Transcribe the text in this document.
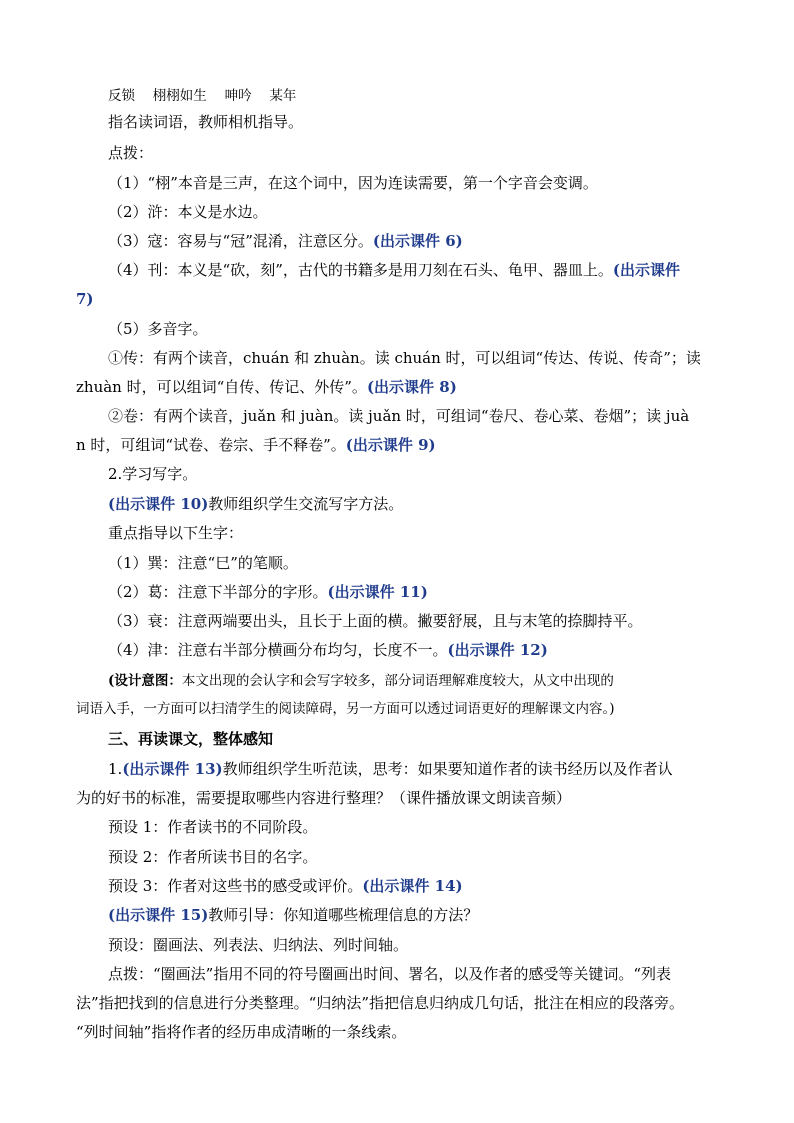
反锁　 栩栩如生　 呻吟　 某年
指名读词语，教师相机指导。
点拨：
（1）“栩”本音是三声，在这个词中，因为连读需要，第一个字音会变调。
（2）浒：本义是水边。
（3）寇：容易与“冠”混淆，注意区分。(出示课件 6)
（4）刊：本义是“砍，刻”，古代的书籍多是用刀刻在石头、龟甲、器皿上。(出示课件
7)
（5）多音字。
①传：有两个读音，chuán 和 zhuàn。读 chuán 时，可以组词“传达、传说、传奇”；读
zhuàn 时，可以组词“自传、传记、外传”。(出示课件 8)
②卷：有两个读音，juǎn 和 juàn。读 juǎn 时，可组词“卷尺、卷心菜、卷烟”；读 juà
n 时，可组词“试卷、卷宗、手不释卷”。(出示课件 9)
2.学习写字。
(出示课件 10)教师组织学生交流写字方法。
重点指导以下生字：
（1）巽：注意“巳”的笔顺。
（2）葛：注意下半部分的字形。(出示课件 11)
（3）衰：注意两端要出头，且长于上面的横。撇要舒展，且与末笔的捺脚持平。
（4）津：注意右半部分横画分布均匀，长度不一。(出示课件 12)
(设计意图：本文出现的会认字和会写字较多，部分词语理解难度较大，从文中出现的
词语入手，一方面可以扫清学生的阅读障碍，另一方面可以透过词语更好的理解课文内容。)
三、再读课文，整体感知
1.(出示课件 13)教师组织学生听范读，思考：如果要知道作者的读书经历以及作者认
为的好书的标准，需要提取哪些内容进行整理？（课件播放课文朗读音频）
预设 1：作者读书的不同阶段。
预设 2：作者所读书目的名字。
预设 3：作者对这些书的感受或评价。(出示课件 14)
(出示课件 15)教师引导：你知道哪些梳理信息的方法？
预设：圈画法、列表法、归纳法、列时间轴。
点拨：“圈画法”指用不同的符号圈画出时间、署名，以及作者的感受等关键词。“列表
法”指把找到的信息进行分类整理。“归纳法”指把信息归纳成几句话，批注在相应的段落旁。
“列时间轴”指将作者的经历串成清晰的一条线索。
